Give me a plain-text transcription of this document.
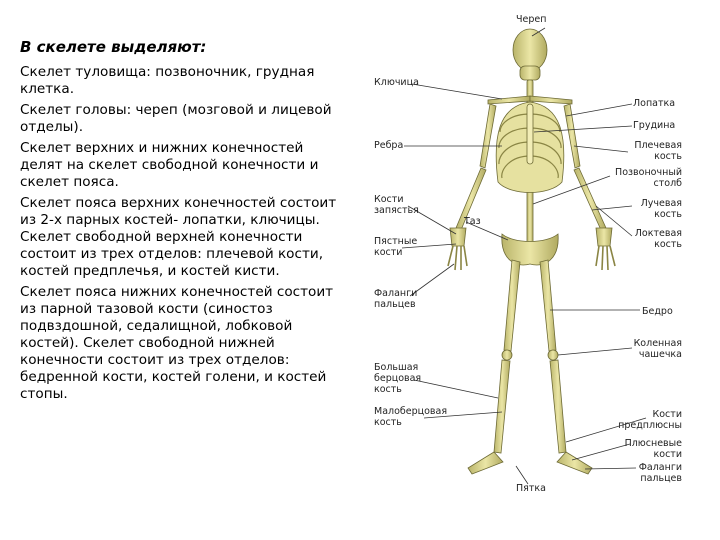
В скелете выделяют:

Скелет туловища: позвоночник, грудная клетка.

Скелет головы: череп (мозговой и лицевой отделы).

Скелет верхних и нижних конечностей делят на скелет свободной конечности и скелет пояса.

Скелет пояса верхних конечностей состоит из 2-х парных костей- лопатки, ключицы. Скелет свободной верхней конечности состоит из трех отделов: плечевой кости, костей предплечья, и костей кисти.

Скелет пояса нижних конечностей состоит из парной тазовой кости (синостоз подвздошной, седалищной, лобковой костей). Скелет свободной нижней конечности состоит из трех отделов: бедренной кости, костей голени, и костей стопы.

Череп
Ключица
Лопатка
Грудина
Ребра	Плечевая
кость
Позвоночный
столб
Кости
запястья
Таз
Лучевая
кость
Пястные
кости
Локтевая
кость
Фаланги
пальцев
Бедро
Коленная
чашечка
Большая
берцовая
кость
Малоберцовая
кость
Кости
предплюсны
Плюсневые
кости
Фаланги
пальцев
Пятка
